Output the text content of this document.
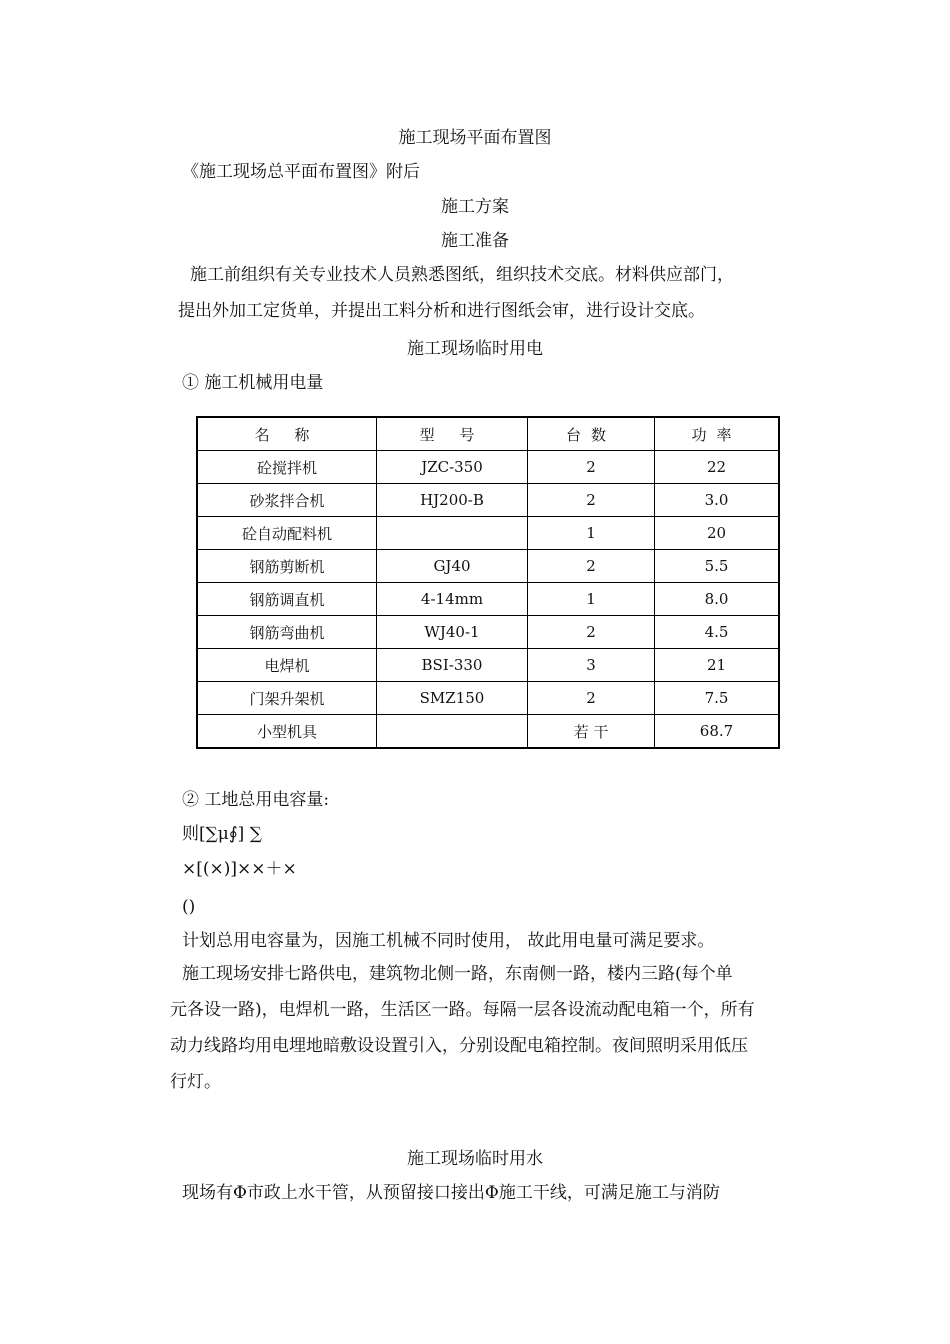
施工现场平面布置图
《施工现场总平面布置图》附后
施工方案
施工准备
施工前组织有关专业技术人员熟悉图纸，组织技术交底。材料供应部门，
提出外加工定货单，并提出工料分析和进行图纸会审，进行设计交底。
施工现场临时用电
① 施工机械用电量
名 称	型 号	台数	功率
砼搅拌机	JZC-350	2	22
砂浆拌合机	HJ200-B	2	3.0
砼自动配料机		1	20
钢筋剪断机	GJ40	2	5.5
钢筋调直机	4-14mm	1	8.0
钢筋弯曲机	WJ40-1	2	4.5
电焊机	BSI-330	3	21
门架升架机	SMZ150	2	7.5
小型机具		若 干	68.7
② 工地总用电容量:
则[∑μ∮] ∑
×[(×)]××＋×
()
计划总用电容量为，因施工机械不同时使用， 故此用电量可满足要求。
施工现场安排七路供电，建筑物北侧一路，东南侧一路，楼内三路(每个单
元各设一路)，电焊机一路，生活区一路。每隔一层各设流动配电箱一个，所有
动力线路均用电埋地暗敷设设置引入，分别设配电箱控制。夜间照明采用低压
行灯。
施工现场临时用水
现场有Φ市政上水干管，从预留接口接出Φ施工干线，可满足施工与消防
